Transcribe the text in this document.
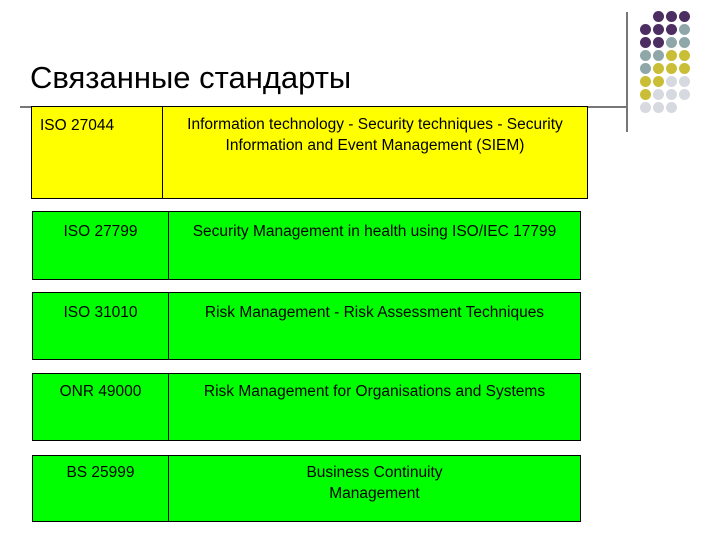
Связанные стандарты
ISO 27044	Information technology - Security techniques - Security Information and Event Management (SIEM)
ISO 27799	Security Management in health using ISO/IEC 17799
ISO 31010	Risk Management - Risk Assessment Techniques
ONR 49000	Risk Management for Organisations and Systems
BS 25999	Business Continuity Management
